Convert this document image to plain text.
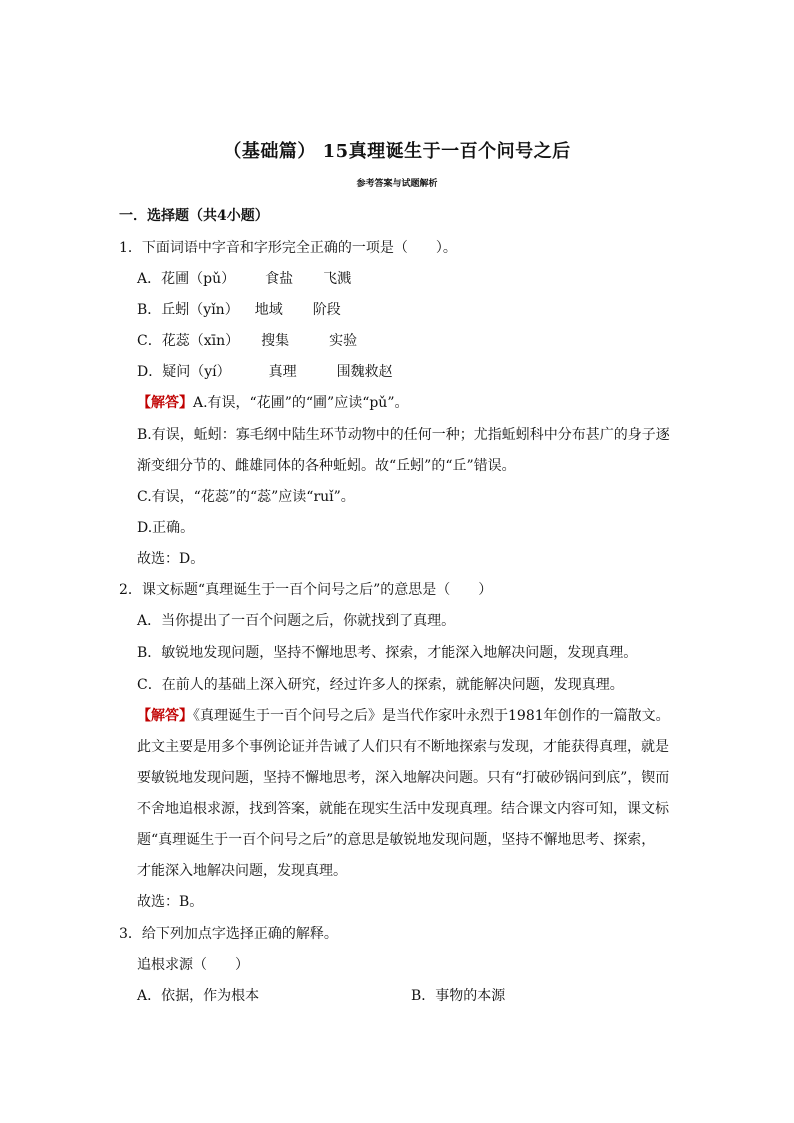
（基础篇） 15真理诞生于一百个问号之后
参考答案与试题解析
一．选择题（共4小题）
1．下面词语中字音和字形完全正确的一项是（　　）。
A．花圃（pǔ） 食盐 飞溅
B．丘蚓（yǐn） 地域 阶段
C．花蕊（xīn） 搜集	实验
D．疑问（yí）	真理	围魏救赵
【解答】A.有误，“花圃”的“圃”应读“pǔ”。
B.有误，蚯蚓：寡毛纲中陆生环节动物中的任何一种；尤指蚯蚓科中分布甚广的身子逐
渐变细分节的、雌雄同体的各种蚯蚓。故“丘蚓”的“丘”错误。
C.有误，“花蕊”的“蕊”应读“ruǐ”。
D.正确。
故选：D。
2．课文标题“真理诞生于一百个问号之后”的意思是（　　）
A．当你提出了一百个问题之后，你就找到了真理。
B．敏锐地发现问题，坚持不懈地思考、探索，才能深入地解决问题，发现真理。
C．在前人的基础上深入研究，经过许多人的探索，就能解决问题，发现真理。
【解答】《真理诞生于一百个问号之后》是当代作家叶永烈于1981年创作的一篇散文。
此文主要是用多个事例论证并告诫了人们只有不断地探索与发现，才能获得真理，就是
要敏锐地发现问题，坚持不懈地思考，深入地解决问题。只有“打破砂锅问到底”，锲而
不舍地追根求源，找到答案，就能在现实生活中发现真理。结合课文内容可知，课文标
题“真理诞生于一百个问号之后”的意思是敏锐地发现问题，坚持不懈地思考、探索，
才能深入地解决问题，发现真理。
故选：B。
3．给下列加点字选择正确的解释。
追根求源（　　）
A．依据，作为根本	B．事物的本源
